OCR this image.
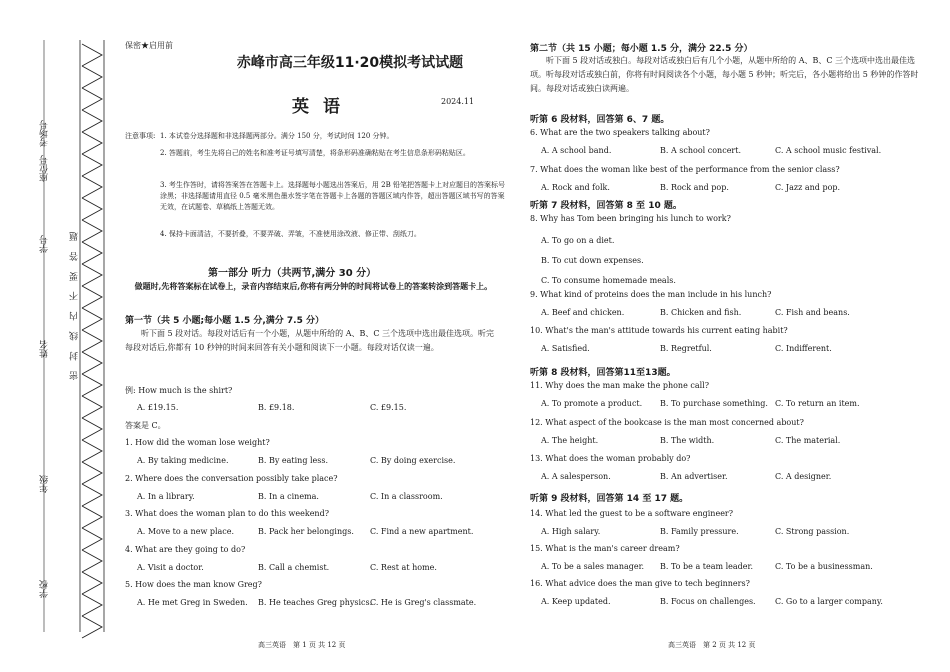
考场号
座位号
学号
姓名
年级
学校
密 封 线 内 不 要 答 题
保密★启用前
赤峰市高三年级11·20模拟考试试题
英语	2024.11
注意事项: 1. 本试卷分选择题和非选择题两部分。满分 150 分，考试时间 120 分钟。
2. 答题前，考生先将自己的姓名和准考证号填写清楚，将条形码准确粘贴在考生信息条形码粘贴区。
3. 考生作答时，请将答案答在答题卡上。选择题每小题选出答案后，用 2B 铅笔把答题卡上对应题目的答案标号涂黑；非选择题请用直径 0.5 毫米黑色墨水签字笔在答题卡上各题的答题区域内作答，超出答题区域书写的答案无效，在试题卷、草稿纸上答题无效。
4. 保持卡面清洁，不要折叠，不要弄破、弄皱，不准使用涂改液、修正带、刮纸刀。
第一部分 听力（共两节,满分 30 分）
做题时,先将答案标在试卷上，录音内容结束后,你将有两分钟的时间将试卷上的答案转涂到答题卡上。
第一节（共 5 小题;每小题 1.5 分,满分 7.5 分）
听下面 5 段对话。每段对话后有一个小题，从题中所给的 A、B、C 三个选项中选出最佳选项。听完每段对话后,你都有 10 秒钟的时间来回答有关小题和阅读下一小题。每段对话仅读一遍。
例: How much is the shirt?
A. £19.15.	B. £9.18.	C. £9.15.
答案是 C。
1. How did the woman lose weight?
A. By taking medicine.	B. By eating less.	C. By doing exercise.
2. Where does the conversation possibly take place?
A. In a library.	B. In a cinema.	C. In a classroom.
3. What does the woman plan to do this weekend?
A. Move to a new place.	B. Pack her belongings. C. Find a new apartment.
4. What are they going to do?
A. Visit a doctor.	B. Call a chemist.	C. Rest at home.
5. How does the man know Greg?
A. He met Greg in Sweden. B. He teaches Greg physics.
C. He is Greg's classmate.
第二节（共 15 小题；每小题 1.5 分，满分 22.5 分）
听下面 5 段对话或独白。每段对话或独白后有几个小题，从题中所给的 A、B、C 三个选项中选出最佳选项。听每段对话或独白前，你将有时间阅读各个小题，每小题 5 秒钟；听完后，各小题将给出 5 秒钟的作答时间。每段对话或独白读两遍。
听第 6 段材料，回答第 6、7 题。
听第 7 段材料，回答第 8 至 10 题。
听第 8 段材料，回答第11至13题。
听第 9 段材料，回答第 14 至 17 题。
6. What are the two speakers talking about?
A. A school band.	B. A school concert.	C. A school music festival.
7. What does the woman like best of the performance from the senior class?
A. Rock and folk.	B. Rock and pop.	C. Jazz and pop.
8. Why has Tom been bringing his lunch to work?
A. To go on a diet.
B. To cut down expenses.
C. To consume homemade meals.
9. What kind of proteins does the man include in his lunch?
A. Beef and chicken.	B. Chicken and fish.	C. Fish and beans.
10. What's the man's attitude towards his current eating habit?
A. Satisfied.	B. Regretful.	C. Indifferent.
11. Why does the man make the phone call?
A. To promote a product. B. To purchase something. C. To return an item.
12. What aspect of the bookcase is the man most concerned about?
A. The height.	B. The width.	C. The material.
13. What does the woman probably do?
A. A salesperson.	B. An advertiser.	C. A designer.
14. What led the guest to be a software engineer?
A. High salary.	B. Family pressure.	C. Strong passion.
15. What is the man's career dream?
A. To be a sales manager. B. To be a team leader.	C. To be a businessman.
16. What advice does the man give to tech beginners?
A. Keep updated.	B. Focus on challenges. C. Go to a larger company.
高三英语　第 1 页 共 12 页	高三英语　第 2 页 共 12 页
